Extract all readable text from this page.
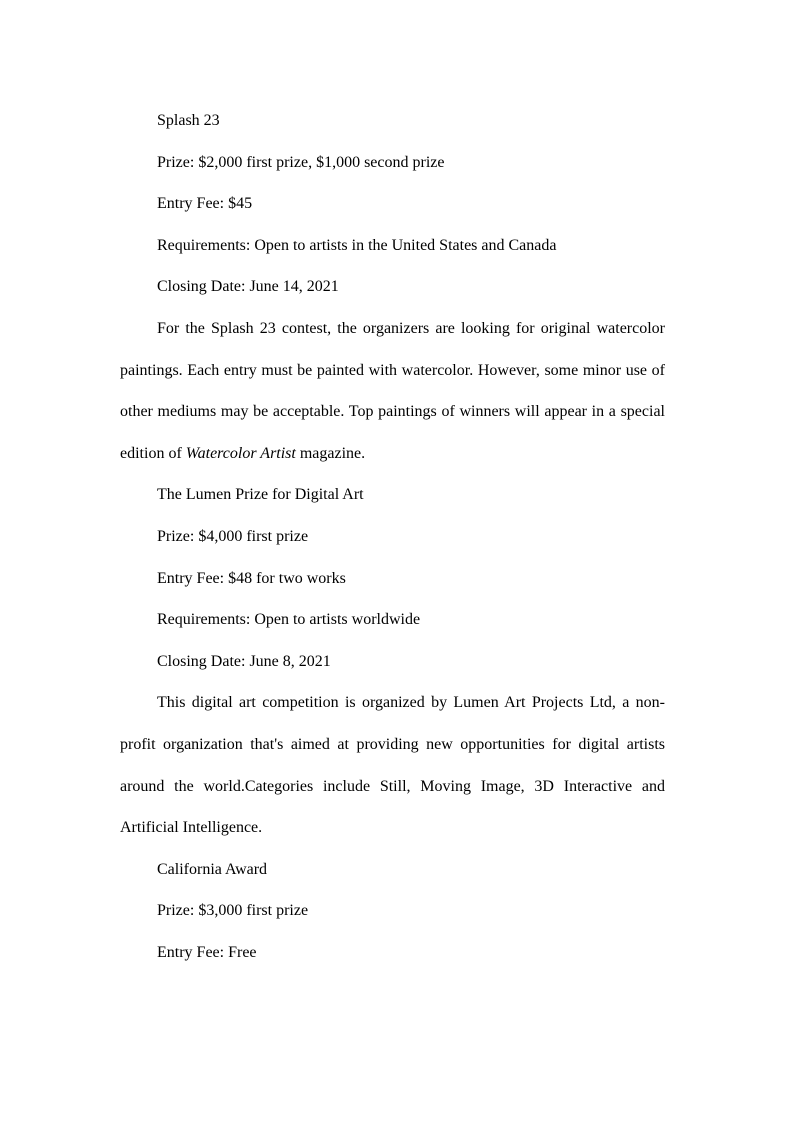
Splash 23
Prize: $2,000 first prize, $1,000 second prize
Entry Fee: $45
Requirements: Open to artists in the United States and Canada
Closing Date: June 14, 2021
For the Splash 23 contest, the organizers are looking for original watercolor paintings. Each entry must be painted with watercolor. However, some minor use of other mediums may be acceptable. Top paintings of winners will appear in a special edition of Watercolor Artist magazine.
The Lumen Prize for Digital Art
Prize: $4,000 first prize
Entry Fee: $48 for two works
Requirements: Open to artists worldwide
Closing Date: June 8, 2021
This digital art competition is organized by Lumen Art Projects Ltd, a non-profit organization that's aimed at providing new opportunities for digital artists around the world.Categories include Still, Moving Image, 3D Interactive and Artificial Intelligence.
California Award
Prize: $3,000 first prize
Entry Fee: Free
